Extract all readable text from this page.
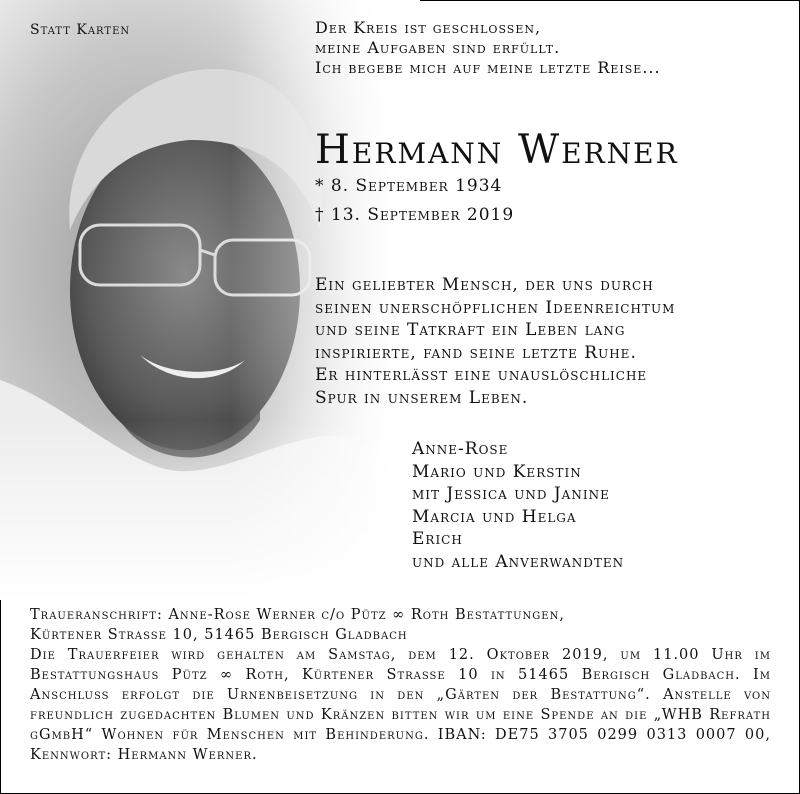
Statt Karten	Der Kreis ist geschlossen,
meine Aufgaben sind erfüllt.
Ich begebe mich auf meine letzte Reise...
Hermann Werner
* 8. September 1934
† 13. September 2019
Ein geliebter Mensch, der uns durch
seinen unerschöpflichen Ideenreichtum
und seine Tatkraft ein Leben lang
inspirierte, fand seine letzte Ruhe.
Er hinterlässt eine unauslöschliche
Spur in unserem Leben.
Anne-Rose
Mario und Kerstin
mit Jessica und Janine
Marcia und Helga
Erich
und alle Anverwandten
Traueranschrift: Anne-Rose Werner c/o Pütz ∞ Roth Bestattungen,
Kürtener Strasse 10, 51465 Bergisch Gladbach
Die Trauerfeier wird gehalten am Samstag, dem 12. Oktober 2019, um 11.00 Uhr im Bestattungshaus Pütz ∞ Roth, Kürtener Strasse 10 in 51465 Bergisch Gladbach. Im Anschluss erfolgt die Urnenbeisetzung in den „Gärten der Bestattung“. Anstelle von freundlich zugedachten Blumen und Kränzen bitten wir um eine Spende an die „WHB Refrath gGmbH“ Wohnen für Menschen mit Behinderung. IBAN: DE75 3705 0299 0313 0007 00, Kennwort: Hermann Werner.
